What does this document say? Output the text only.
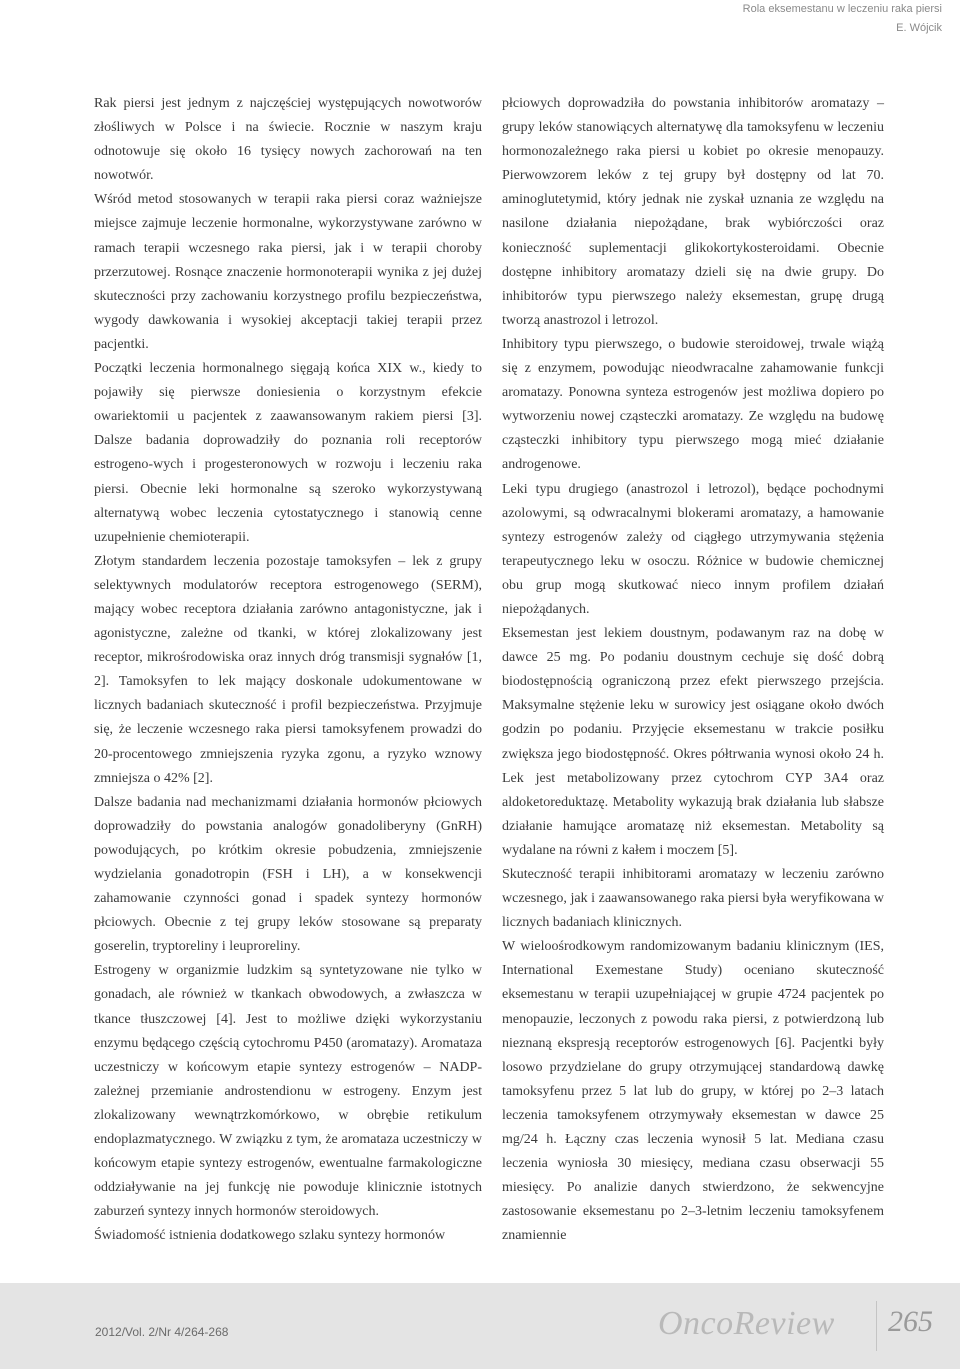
Rola eksemestanu w leczeniu raka piersi
E. Wójcik

Rak piersi jest jednym z najczęściej występujących nowotworów złośliwych w Polsce i na świecie. Rocznie w naszym kraju odnotowuje się około 16 tysięcy nowych zachorowań na ten nowotwór.

Wśród metod stosowanych w terapii raka piersi coraz ważniejsze miejsce zajmuje leczenie hormonalne, wykorzystywane zarówno w ramach terapii wczesnego raka piersi, jak i w terapii choroby przerzutowej. Rosnące znaczenie hormonoterapii wynika z jej dużej skuteczności przy zachowaniu korzystnego profilu bezpieczeństwa, wygody dawkowania i wysokiej akceptacji takiej terapii przez pacjentki.

Początki leczenia hormonalnego sięgają końca XIX w., kiedy to pojawiły się pierwsze doniesienia o korzystnym efekcie owariektomii u pacjentek z zaawansowanym rakiem piersi [3]. Dalsze badania doprowadziły do poznania roli receptorów estrogeno-wych i progesteronowych w rozwoju i leczeniu raka piersi. Obecnie leki hormonalne są szeroko wykorzystywaną alternatywą wobec leczenia cytostatycznego i stanowią cenne uzupełnienie chemioterapii.

Złotym standardem leczenia pozostaje tamoksyfen – lek z grupy selektywnych modulatorów receptora estrogenowego (SERM), mający wobec receptora działania zarówno antagonistyczne, jak i agonistyczne, zależne od tkanki, w której zlokalizowany jest receptor, mikrośrodowiska oraz innych dróg transmisji sygnałów [1, 2]. Tamoksyfen to lek mający doskonale udokumentowane w licznych badaniach skuteczność i profil bezpieczeństwa. Przyjmuje się, że leczenie wczesnego raka piersi tamoksyfenem prowadzi do 20-procentowego zmniejszenia ryzyka zgonu, a ryzyko wznowy zmniejsza o 42% [2].

Dalsze badania nad mechanizmami działania hormonów płciowych doprowadziły do powstania analogów gonadoliberyny (GnRH) powodujących, po krótkim okresie pobudzenia, zmniejszenie wydzielania gonadotropin (FSH i LH), a w konsekwencji zahamowanie czynności gonad i spadek syntezy hormonów płciowych. Obecnie z tej grupy leków stosowane są preparaty goserelin, tryptoreliny i leuproreliny.

Estrogeny w organizmie ludzkim są syntetyzowane nie tylko w gonadach, ale również w tkankach obwodowych, a zwłaszcza w tkance tłuszczowej [4]. Jest to możliwe dzięki wykorzystaniu enzymu będącego częścią cytochromu P450 (aromatazy). Aromataza uczestniczy w końcowym etapie syntezy estrogenów – NADP-zależnej przemianie androstendionu w estrogeny. Enzym jest zlokalizowany wewnątrzkomórkowo, w obrębie retikulum endoplazmatycznego. W związku z tym, że aromataza uczestniczy w końcowym etapie syntezy estrogenów, ewentualne farmakologiczne oddziaływanie na jej funkcję nie powoduje klinicznie istotnych zaburzeń syntezy innych hormonów steroidowych.

Świadomość istnienia dodatkowego szlaku syntezy hormonów

płciowych doprowadziła do powstania inhibitorów aromatazy – grupy leków stanowiących alternatywę dla tamoksyfenu w leczeniu hormonozależnego raka piersi u kobiet po okresie menopauzy. Pierwowzorem leków z tej grupy był dostępny od lat 70. aminoglutetymid, który jednak nie zyskał uznania ze względu na nasilone działania niepożądane, brak wybiórczości oraz konieczność suplementacji glikokortykosteroidami. Obecnie dostępne inhibitory aromatazy dzieli się na dwie grupy. Do inhibitorów typu pierwszego należy eksemestan, grupę drugą tworzą anastrozol i letrozol.

Inhibitory typu pierwszego, o budowie steroidowej, trwale wiążą się z enzymem, powodując nieodwracalne zahamowanie funkcji aromatazy. Ponowna synteza estrogenów jest możliwa dopiero po wytworzeniu nowej cząsteczki aromatazy. Ze względu na budowę cząsteczki inhibitory typu pierwszego mogą mieć działanie androgenowe.

Leki typu drugiego (anastrozol i letrozol), będące pochodnymi azolowymi, są odwracalnymi blokerami aromatazy, a hamowanie syntezy estrogenów zależy od ciągłego utrzymywania stężenia terapeutycznego leku w osoczu. Różnice w budowie chemicznej obu grup mogą skutkować nieco innym profilem działań niepożądanych.

Eksemestan jest lekiem doustnym, podawanym raz na dobę w dawce 25 mg. Po podaniu doustnym cechuje się dość dobrą biodostępnością ograniczoną przez efekt pierwszego przejścia. Maksymalne stężenie leku w surowicy jest osiągane około dwóch godzin po podaniu. Przyjęcie eksemestanu w trakcie posiłku zwiększa jego biodostępność. Okres półtrwania wynosi około 24 h. Lek jest metabolizowany przez cytochrom CYP 3A4 oraz aldoketoreduktazę. Metabolity wykazują brak działania lub słabsze działanie hamujące aromatazę niż eksemestan. Metabolity są wydalane na równi z kałem i moczem [5].

Skuteczność terapii inhibitorami aromatazy w leczeniu zarówno wczesnego, jak i zaawansowanego raka piersi była weryfikowana w licznych badaniach klinicznych.

W wieloośrodkowym randomizowanym badaniu klinicznym (IES, International Exemestane Study) oceniano skuteczność eksemestanu w terapii uzupełniającej w grupie 4724 pacjentek po menopauzie, leczonych z powodu raka piersi, z potwierdzoną lub nieznaną ekspresją receptorów estrogenowych [6]. Pacjentki były losowo przydzielane do grupy otrzymującej standardową dawkę tamoksyfenu przez 5 lat lub do grupy, w której po 2–3 latach leczenia tamoksyfenem otrzymywały eksemestan w dawce 25 mg/24 h. Łączny czas leczenia wynosił 5 lat. Mediana czasu leczenia wyniosła 30 miesięcy, mediana czasu obserwacji 55 miesięcy. Po analizie danych stwierdzono, że sekwencyjne zastosowanie eksemestanu po 2–3-letnim leczeniu tamoksyfenem znamiennie

2012/Vol. 2/Nr 4/264-268	OncoReview 265
